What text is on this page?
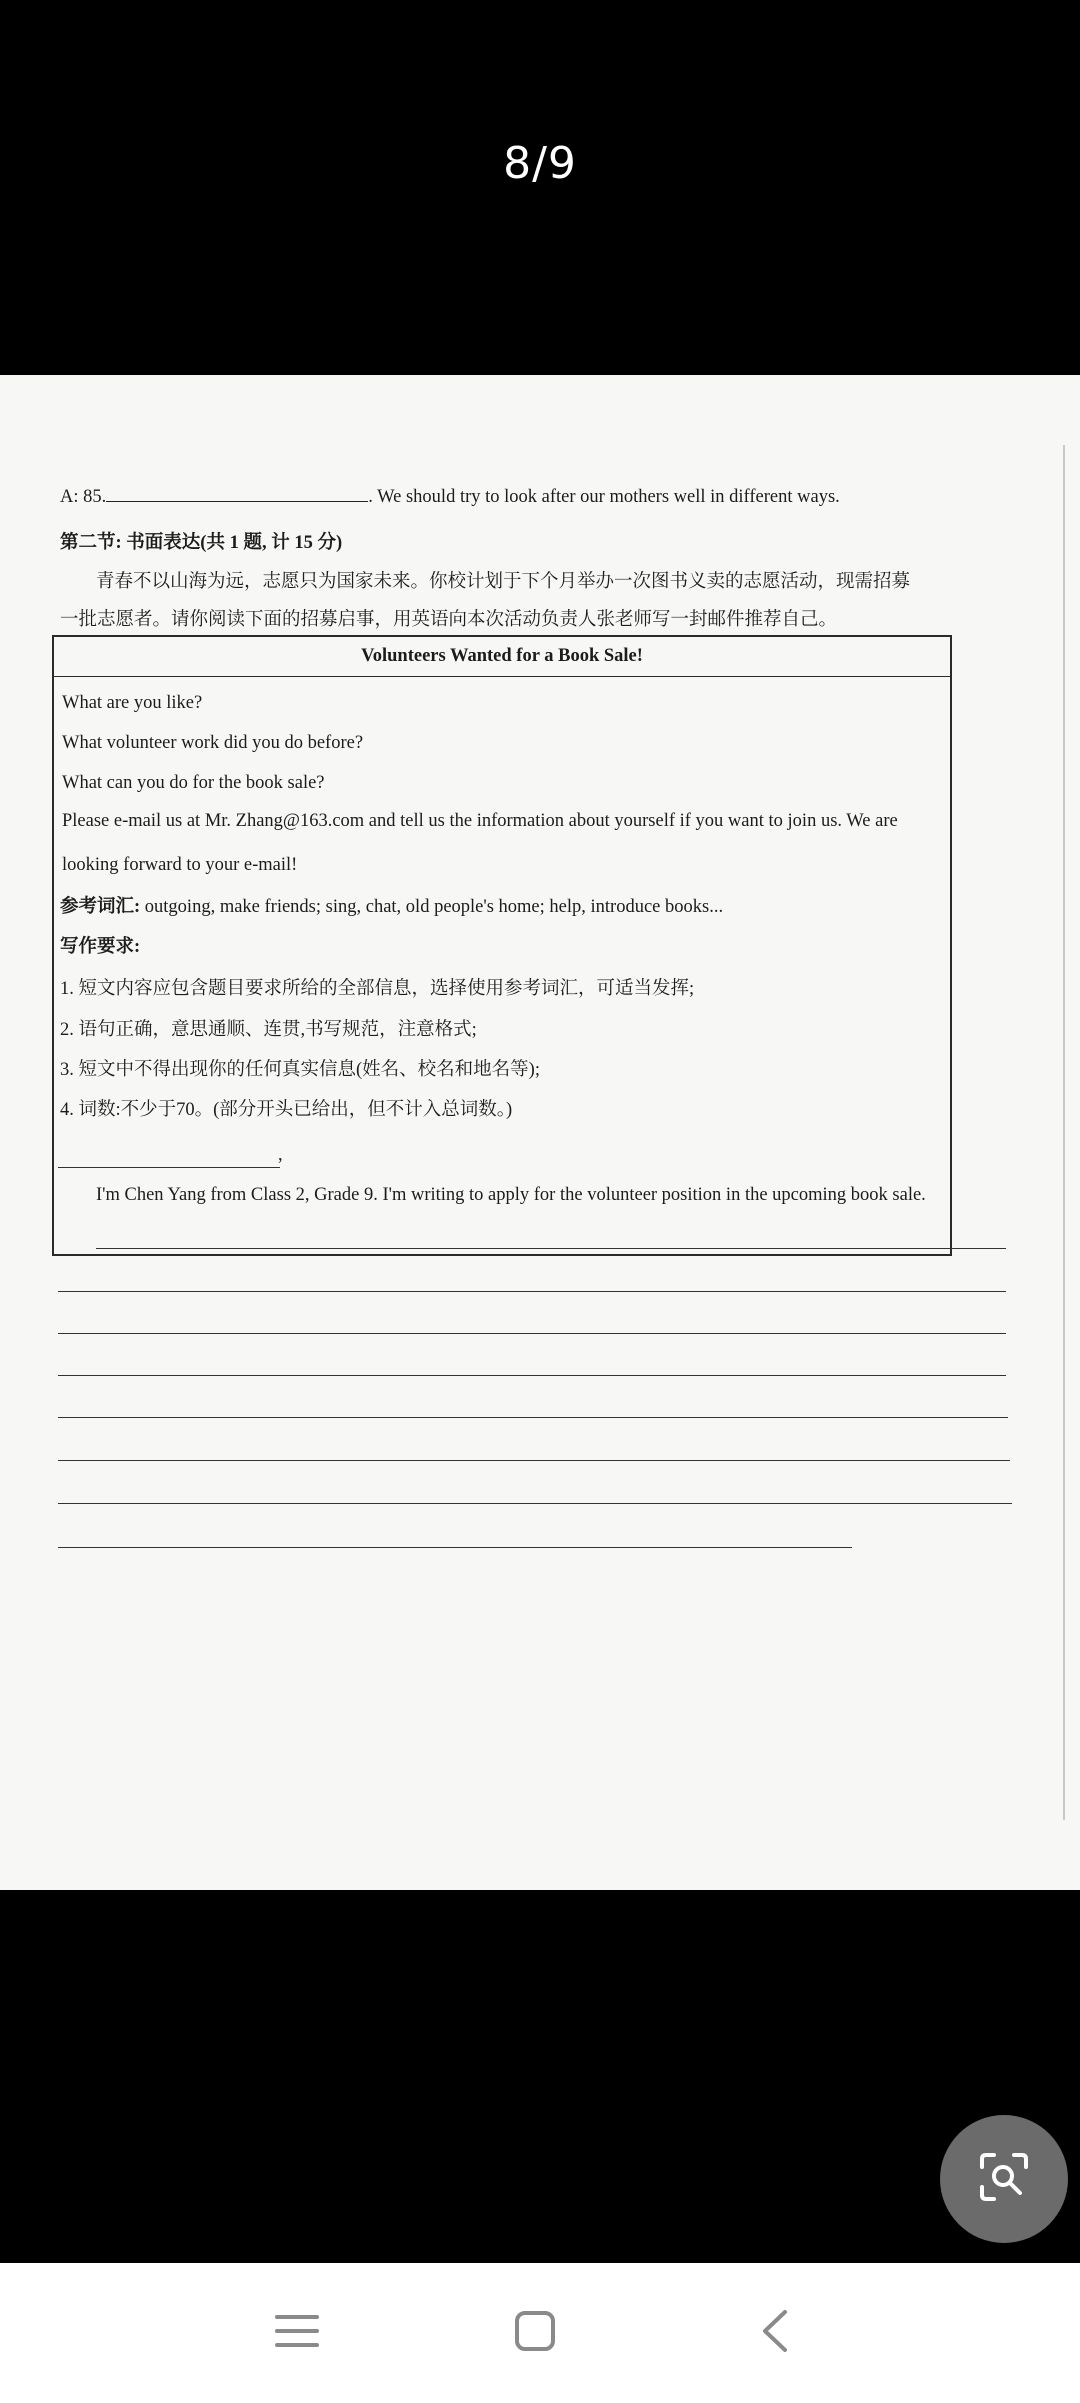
8/9
A: 85.	. We should try to look after our mothers well in different ways.
第二节: 书面表达(共 1 题, 计 15 分)
青春不以山海为远，志愿只为国家未来。你校计划于下个月举办一次图书义卖的志愿活动，现需招募
一批志愿者。请你阅读下面的招募启事，用英语向本次活动负责人张老师写一封邮件推荐自己。
Volunteers Wanted for a Book Sale!
What are you like?
What volunteer work did you do before?
What can you do for the book sale?
Please e-mail us at Mr. Zhang@163.com and tell us the information about yourself if you want to join us. We are
looking forward to your e-mail!
参考词汇: outgoing, make friends; sing, chat, old people's home; help, introduce books...
写作要求:
1. 短文内容应包含题目要求所给的全部信息，选择使用参考词汇，可适当发挥;
2. 语句正确，意思通顺、连贯,书写规范，注意格式;
3. 短文中不得出现你的任何真实信息(姓名、校名和地名等);
4. 词数:不少于70。(部分开头已给出，但不计入总词数。)
,
I'm Chen Yang from Class 2, Grade 9. I'm writing to apply for the volunteer position in the upcoming book sale.
